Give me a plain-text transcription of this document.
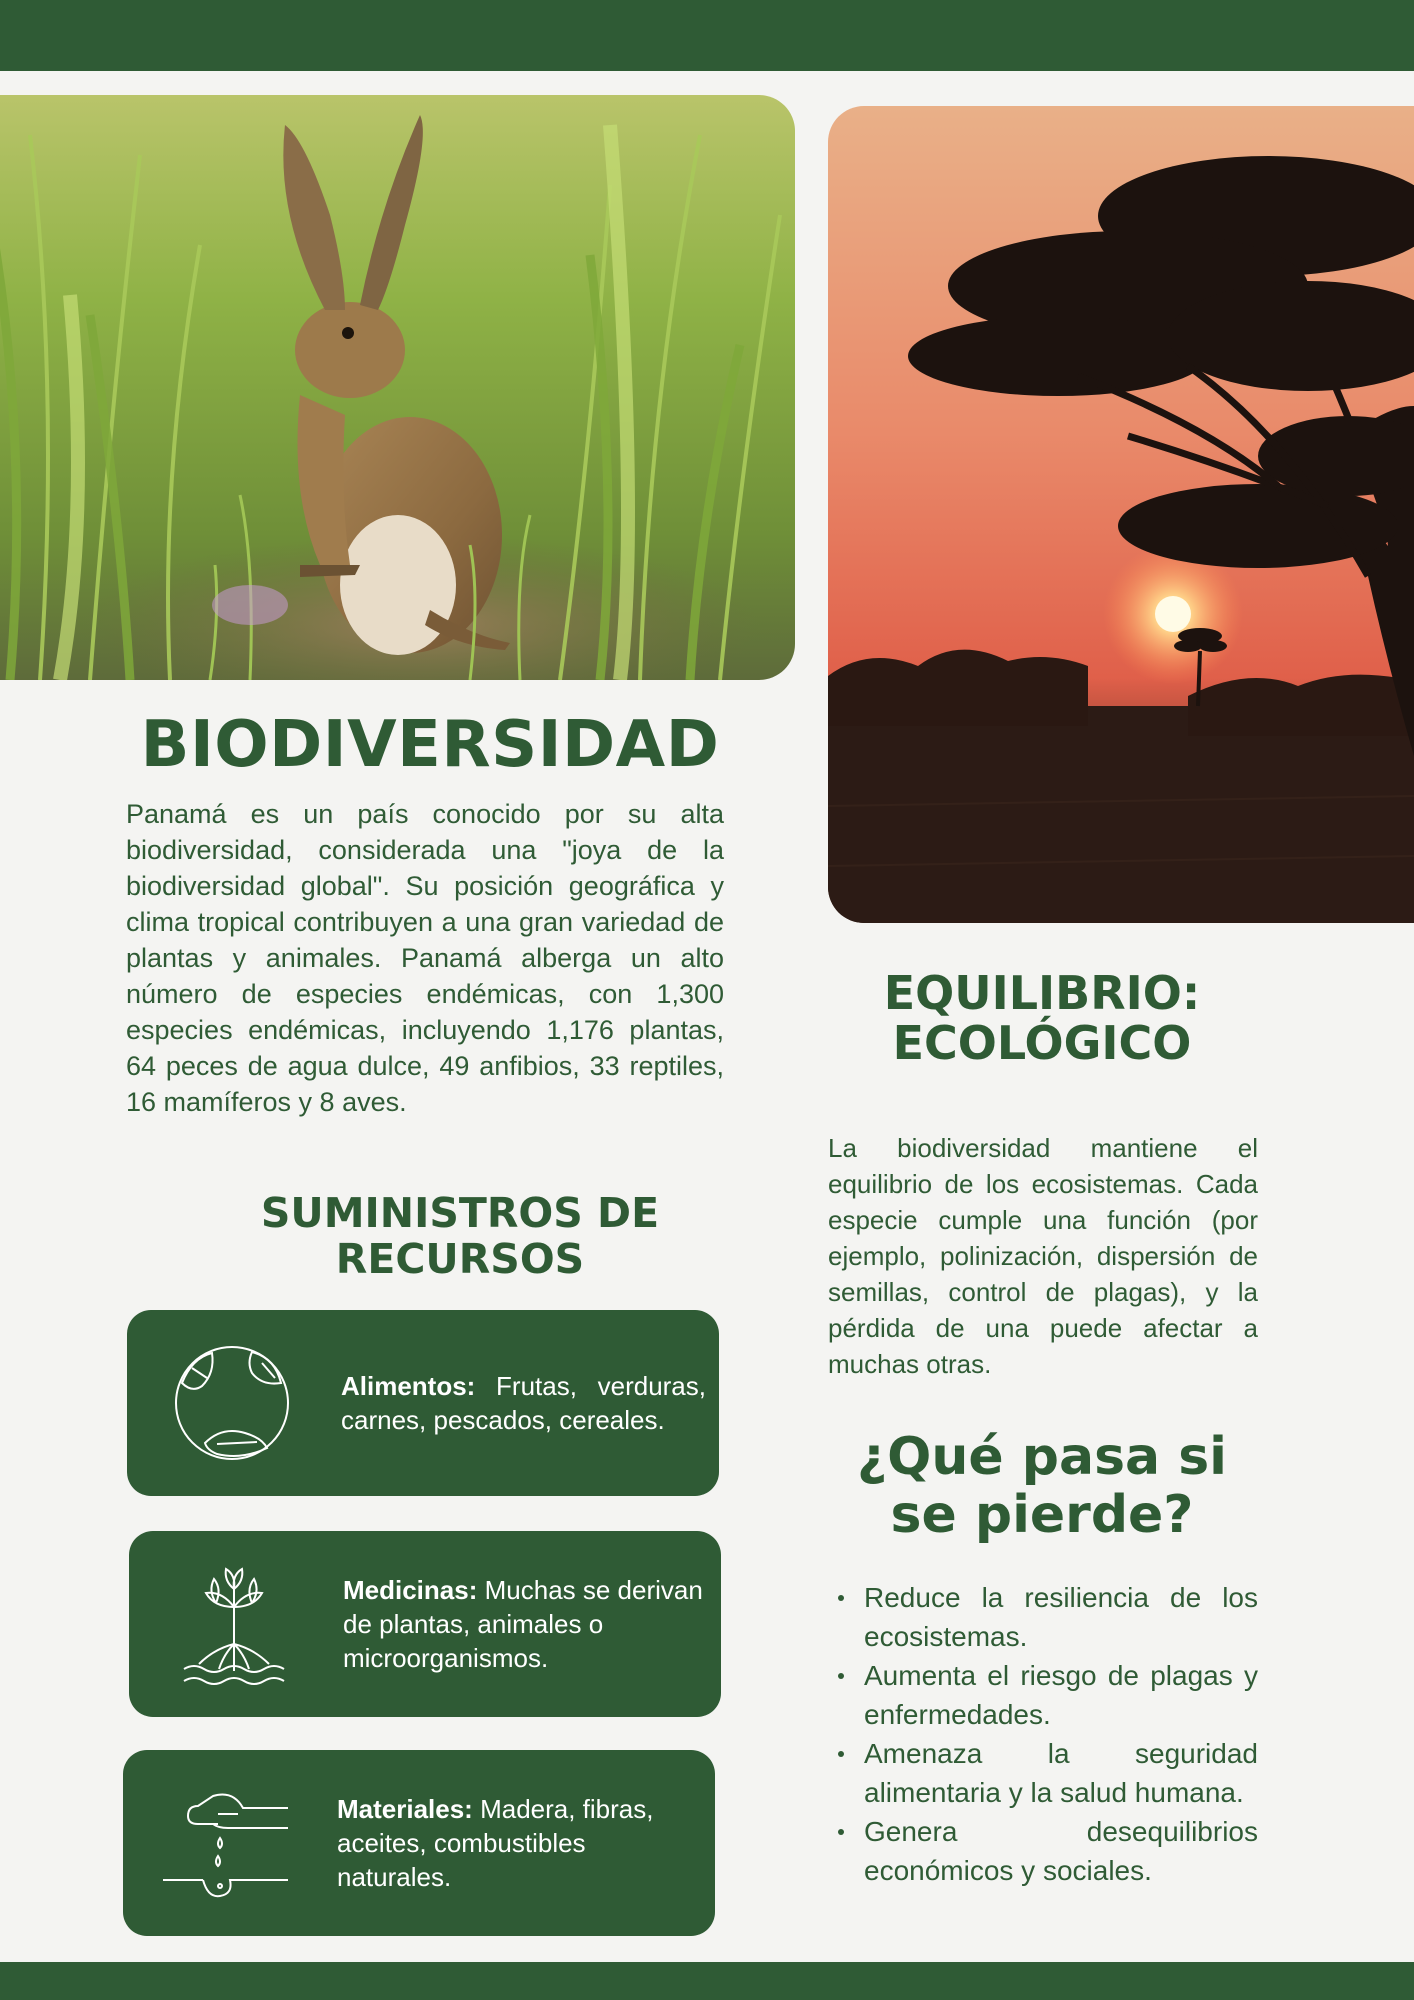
BIODIVERSIDAD

Panamá es un país conocido por su alta biodiversidad, considerada una "joya de la biodiversidad global". Su posición geográfica y clima tropical contribuyen a una gran variedad de plantas y animales. Panamá alberga un alto número de especies endémicas, con 1,300 especies endémicas, incluyendo 1,176 plantas, 64 peces de agua dulce, 49 anfibios, 33 reptiles, 16 mamíferos y 8 aves.

SUMINISTROS DE RECURSOS
Alimentos: Frutas, verduras, carnes, pescados, cereales.
Medicinas: Muchas se derivan de plantas, animales o microorganismos.
Materiales: Madera, fibras, aceites, combustibles naturales.
EQUILIBRIO: ECOLÓGICO

La biodiversidad mantiene el equilibrio de los ecosistemas. Cada especie cumple una función (por ejemplo, polinización, dispersión de semillas, control de plagas), y la pérdida de una puede afectar a muchas otras.

¿Qué pasa si se pierde?
Reduce la resiliencia de los ecosistemas.
Aumenta el riesgo de plagas y enfermedades.
Amenaza la seguridad alimentaria y la salud humana.
Genera desequilibrios económicos y sociales.
